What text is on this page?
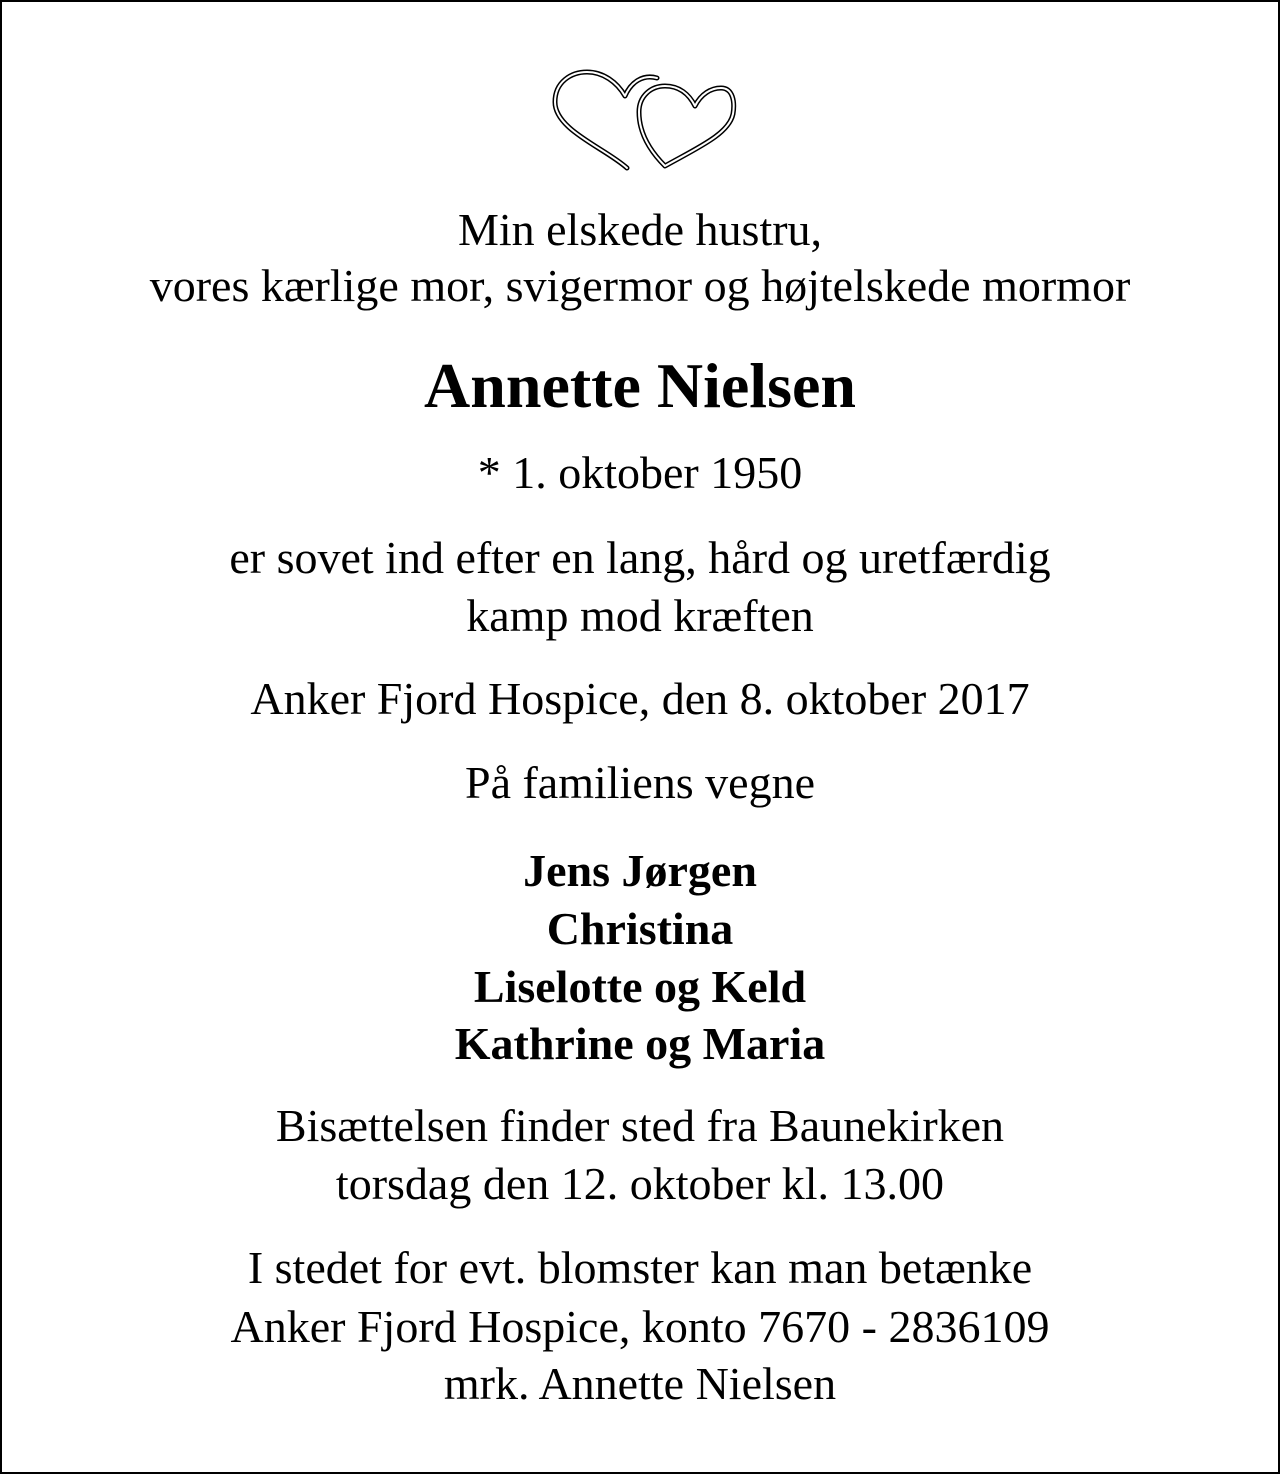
Min elskede hustru,
vores kærlige mor, svigermor og højtelskede mormor
Annette Nielsen
* 1. oktober 1950
er sovet ind efter en lang, hård og uretfærdig
kamp mod kræften
Anker Fjord Hospice, den 8. oktober 2017
På familiens vegne
Jens Jørgen
Christina
Liselotte og Keld
Kathrine og Maria
Bisættelsen finder sted fra Baunekirken
torsdag den 12. oktober kl. 13.00
I stedet for evt. blomster kan man betænke
Anker Fjord Hospice, konto 7670 - 2836109
mrk. Annette Nielsen
